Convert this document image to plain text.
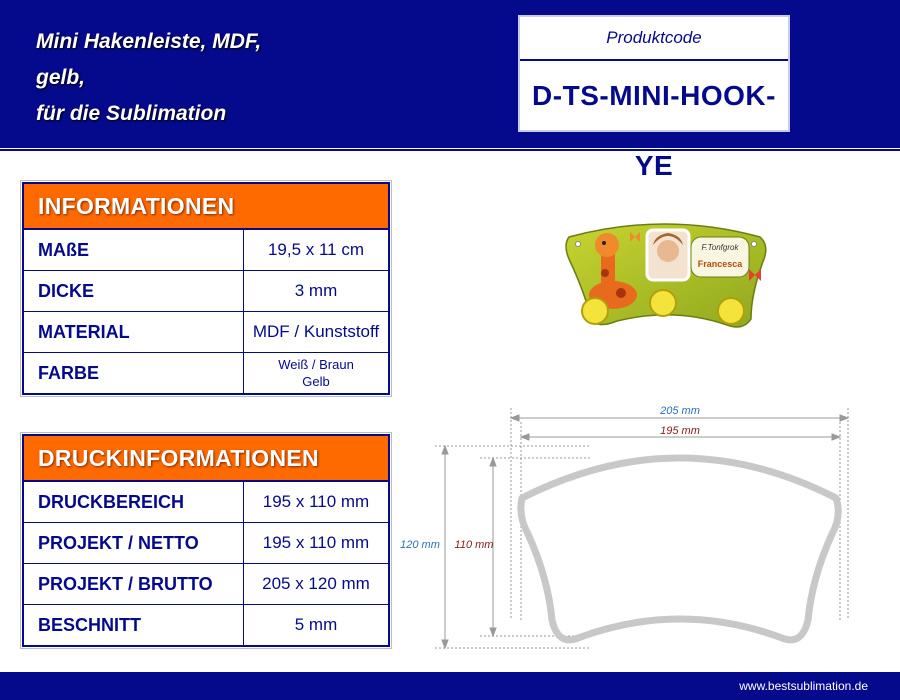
Mini Hakenleiste, MDF,
gelb,
für die Sublimation
Produktcode
D-TS-MINI-HOOK-YE
INFORMATIONEN
MAßE	19,5 x 11 cm
DICKE	3 mm
MATERIAL	MDF / Kunststoff
FARBE	Weiß / Braun
Gelb
DRUCKINFORMATIONEN
DRUCKBEREICH	195 x 110 mm
PROJEKT / NETTO	195 x 110 mm
PROJEKT / BRUTTO	205 x 120 mm
BESCHNITT	5 mm
F.Tonfgrok
Francesca
205 mm
195 mm
120 mm 110 mm
www.bestsublimation.de
